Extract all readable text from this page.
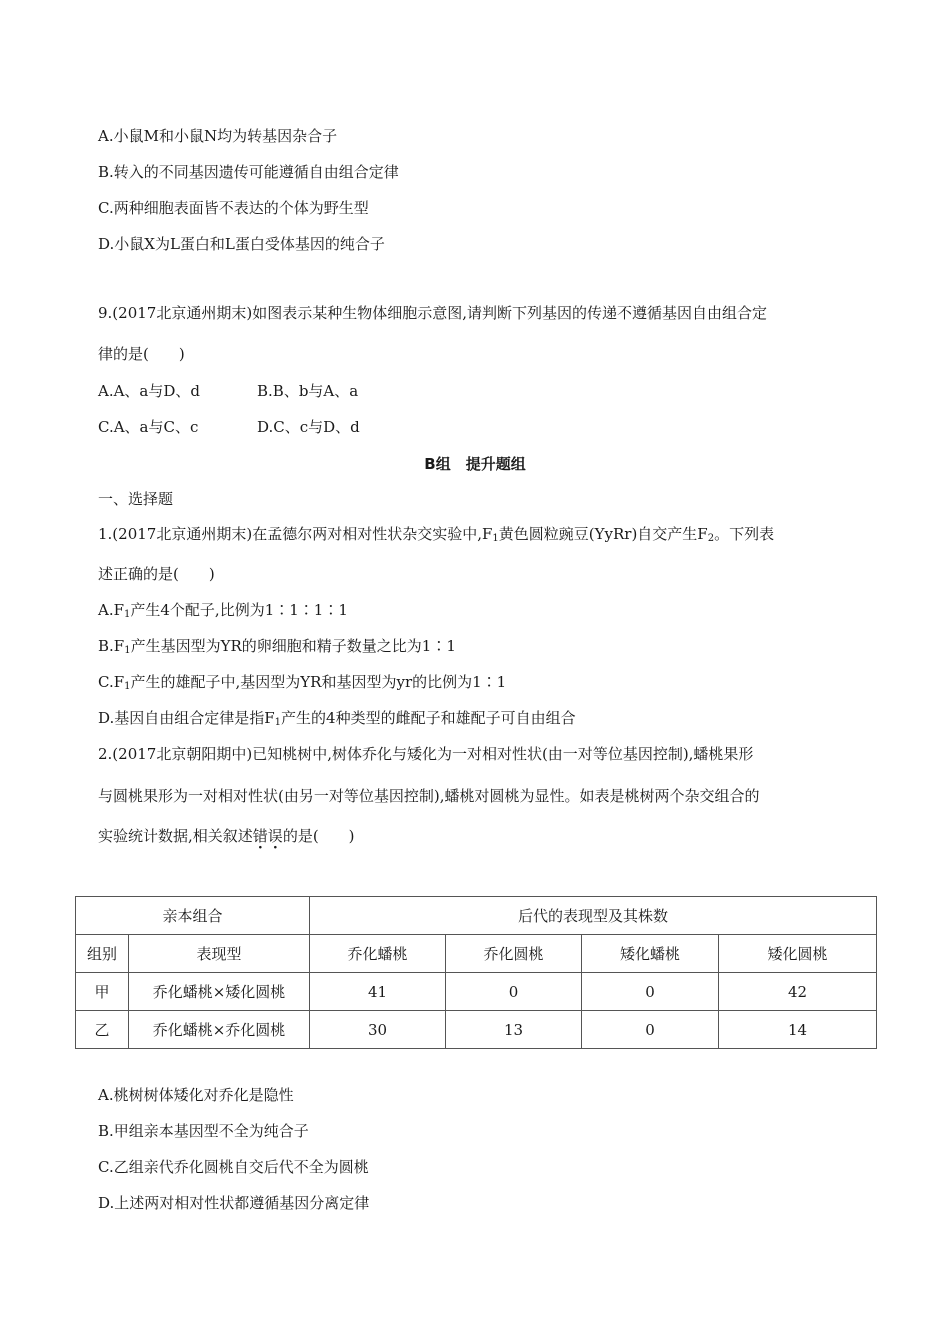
A.小鼠M和小鼠N均为转基因杂合子
B.转入的不同基因遗传可能遵循自由组合定律
C.两种细胞表面皆不表达的个体为野生型
D.小鼠X为L蛋白和L蛋白受体基因的纯合子
9.(2017北京通州期末)如图表示某种生物体细胞示意图,请判断下列基因的传递不遵循基因自由组合定
律的是(　　)
A.A、a与D、d	B.B、b与A、a
C.A、a与C、c	D.C、c与D、d
B组　提升题组
一、选择题
1.(2017北京通州期末)在孟德尔两对相对性状杂交实验中$,F_1$黄色圆粒豌豆(YyRr)自交产生$F_2$。下列表
述正确的是(　　)
$A.F_1$产生4个配子,比例为1∶1∶1∶1
$B.F_1$产生基因型为YR的卵细胞和精子数量之比为1∶1
$C.F_1$产生的雄配子中,基因型为YR和基因型为yr的比例为1∶1
D.基因自由组合定律是指$F_1$产生的4种类型的雌配子和雄配子可自由组合
2.(2017北京朝阳期中)已知桃树中,树体乔化与矮化为一对相对性状(由一对等位基因控制),蟠桃果形
与圆桃果形为一对相对性状(由另一对等位基因控制),蟠桃对圆桃为显性。如表是桃树两个杂交组合的
实验统计数据,相关叙述错误的是(　　)
亲本组合		后代的表现型及其株数			
组别	表现型	乔化蟠桃	乔化圆桃	矮化蟠桃	矮化圆桃
甲	乔化蟠桃×矮化圆桃	41	0	0	42
乙	乔化蟠桃×乔化圆桃	30	13	0	14
A.桃树树体矮化对乔化是隐性
B.甲组亲本基因型不全为纯合子
C.乙组亲代乔化圆桃自交后代不全为圆桃
D.上述两对相对性状都遵循基因分离定律
